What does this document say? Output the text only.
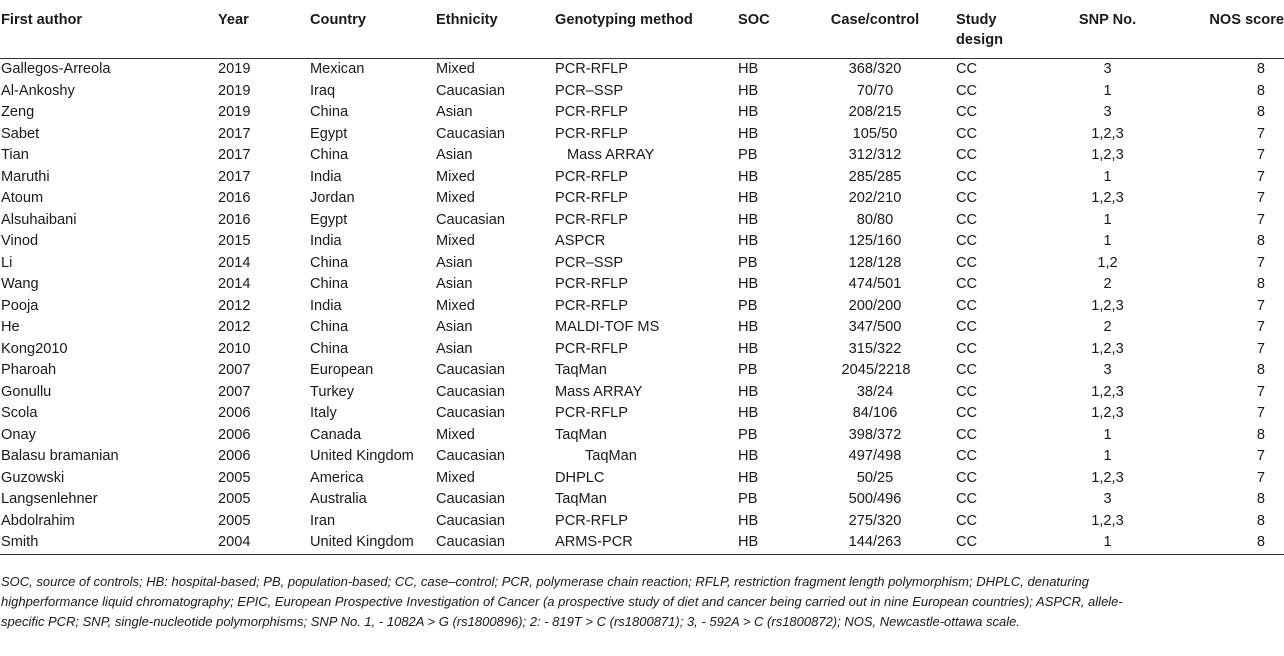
First author	Year	Country	Ethnicity	Genotyping method	SOC	Case/control	Study design	SNP No.	NOS score
Gallegos-Arreola	2019	Mexican	Mixed	PCR-RFLP	HB	368/320	CC	3	8
Al-Ankoshy	2019	Iraq	Caucasian	PCR–SSP	HB	70/70	CC	1	8
Zeng	2019	China	Asian	PCR-RFLP	HB	208/215	CC	3	8
Sabet	2017	Egypt	Caucasian	PCR-RFLP	HB	105/50	CC	1,2,3	7
Tian	2017	China	Asian	Mass ARRAY	PB	312/312	CC	1,2,3	7
Maruthi	2017	India	Mixed	PCR-RFLP	HB	285/285	CC	1	7
Atoum	2016	Jordan	Mixed	PCR-RFLP	HB	202/210	CC	1,2,3	7
Alsuhaibani	2016	Egypt	Caucasian	PCR-RFLP	HB	80/80	CC	1	7
Vinod	2015	India	Mixed	ASPCR	HB	125/160	CC	1	8
Li	2014	China	Asian	PCR–SSP	PB	128/128	CC	1,2	7
Wang	2014	China	Asian	PCR-RFLP	HB	474/501	CC	2	8
Pooja	2012	India	Mixed	PCR-RFLP	PB	200/200	CC	1,2,3	7
He	2012	China	Asian	MALDI-TOF MS	HB	347/500	CC	2	7
Kong2010	2010	China	Asian	PCR-RFLP	HB	315/322	CC	1,2,3	7
Pharoah	2007	European	Caucasian	TaqMan	PB	2045/2218	CC	3	8
Gonullu	2007	Turkey	Caucasian	Mass ARRAY	HB	38/24	CC	1,2,3	7
Scola	2006	Italy	Caucasian	PCR-RFLP	HB	84/106	CC	1,2,3	7
Onay	2006	Canada	Mixed	TaqMan	PB	398/372	CC	1	8
Balasu bramanian	2006	United Kingdom	Caucasian	TaqMan	HB	497/498	CC	1	7
Guzowski	2005	America	Mixed	DHPLC	HB	50/25	CC	1,2,3	7
Langsenlehner	2005	Australia	Caucasian	TaqMan	PB	500/496	CC	3	8
Abdolrahim	2005	Iran	Caucasian	PCR-RFLP	HB	275/320	CC	1,2,3	8
Smith	2004	United Kingdom	Caucasian	ARMS-PCR	HB	144/263	CC	1	8
SOC, source of controls; HB: hospital-based; PB, population-based; CC, case–control; PCR, polymerase chain reaction; RFLP, restriction fragment length polymorphism; DHPLC, denaturing highperformance liquid chromatography; EPIC, European Prospective Investigation of Cancer (a prospective study of diet and cancer being carried out in nine European countries); ASPCR, allele-specific PCR; SNP, single-nucleotide polymorphisms; SNP No. 1, - 1082A > G (rs1800896); 2: - 819T > C (rs1800871); 3, - 592A > C (rs1800872); NOS, Newcastle-ottawa scale.
